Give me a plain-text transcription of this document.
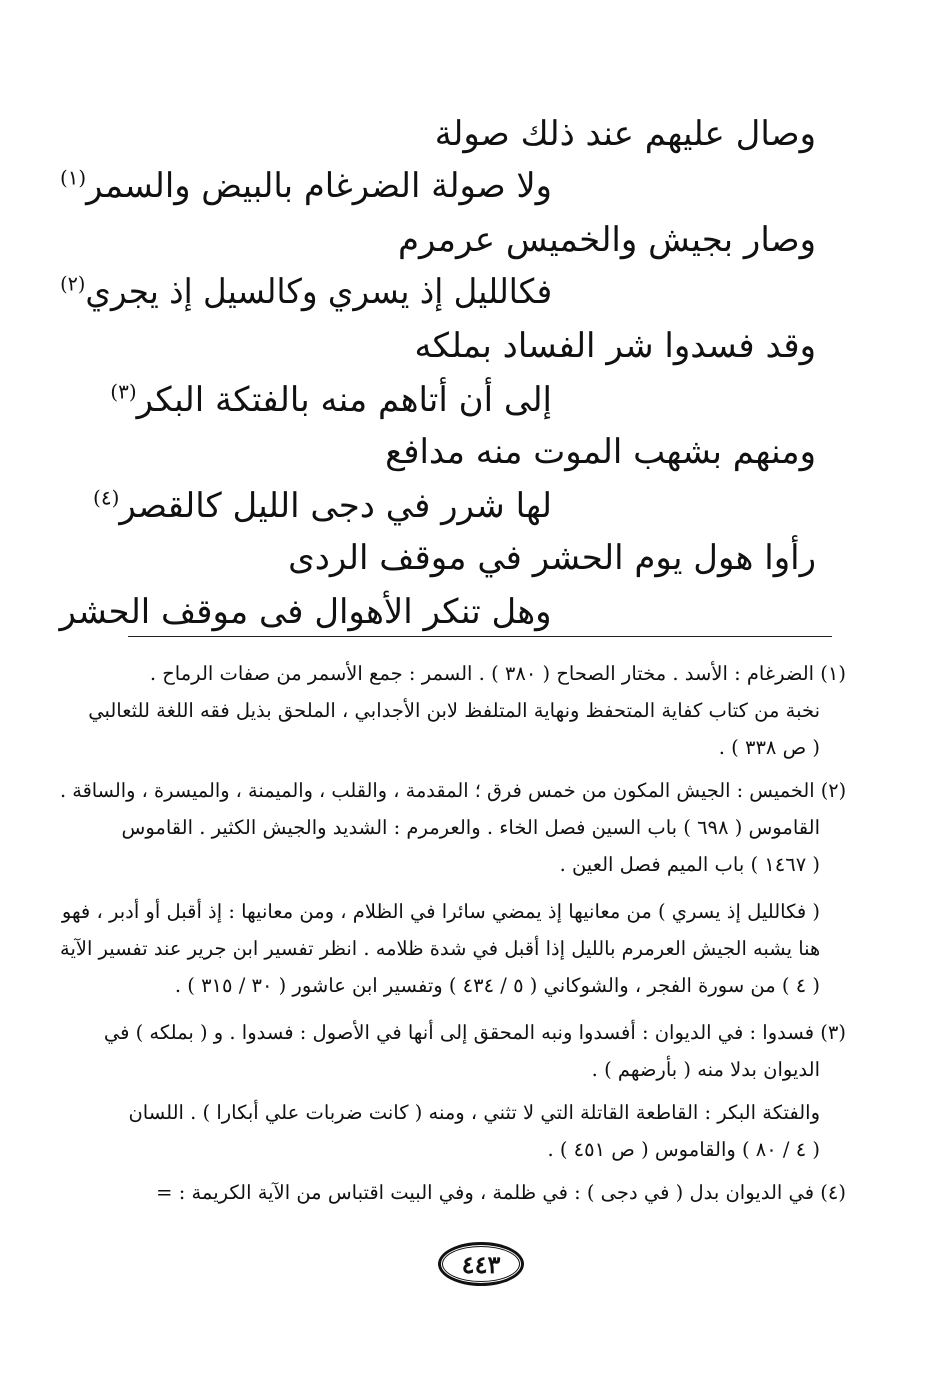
وصال عليهم عند ذلك صولة
ولا صولة الضرغام بالبيض والسمر$^{(١)}$
وصار بجيش والخميس عرمرم
فكالليل إذ يسري وكالسيل إذ يجري$^{(٢)}$
وقد فسدوا شر الفساد بملكه
إلى أن أتاهم منه بالفتكة البكر$^{(٣)}$
ومنهم بشهب الموت منه مدافع
لها شرر في دجى الليل كالقصر$^{(٤)}$
رأوا هول يوم الحشر في موقف الردى
وهل تنكر الأهوال فى موقف الحشر
(١) الضرغام : الأسد . مختار الصحاح ( ٣٨٠ ) . السمر : جمع الأسمر من صفات الرماح .
نخبة من كتاب كفاية المتحفظ ونهاية المتلفظ لابن الأجدابي ، الملحق بذيل فقه اللغة للثعالبي
( ص ٣٣٨ ) .
(٢) الخميس : الجيش المكون من خمس فرق ؛ المقدمة ، والقلب ، والميمنة ، والميسرة ، والساقة .
القاموس ( ٦٩٨ ) باب السين فصل الخاء . والعرمرم : الشديد والجيش الكثير . القاموس
( ١٤٦٧ ) باب الميم فصل العين .
( فكالليل إذ يسري ) من معانيها إذ يمضي سائرا في الظلام ، ومن معانيها : إذ أقبل أو أدبر ، فهو
هنا يشبه الجيش العرمرم بالليل إذا أقبل في شدة ظلامه . انظر تفسير ابن جرير عند تفسير الآية
( ٤ ) من سورة الفجر ، والشوكاني ( ٥ / ٤٣٤ ) وتفسير ابن عاشور ( ٣٠ / ٣١٥ ) .
(٣) فسدوا : في الديوان : أفسدوا ونبه المحقق إلى أنها في الأصول : فسدوا . و ( بملكه ) في
الديوان بدلا منه ( بأرضهم ) .
والفتكة البكر : القاطعة القاتلة التي لا تثني ، ومنه ( كانت ضربات علي أبكارا ) . اللسان
( ٤ / ٨٠ ) والقاموس ( ص ٤٥١ ) .
(٤) في الديوان بدل ( في دجى ) : في ظلمة ، وفي البيت اقتباس من الآية الكريمة : =
٤٤٣
